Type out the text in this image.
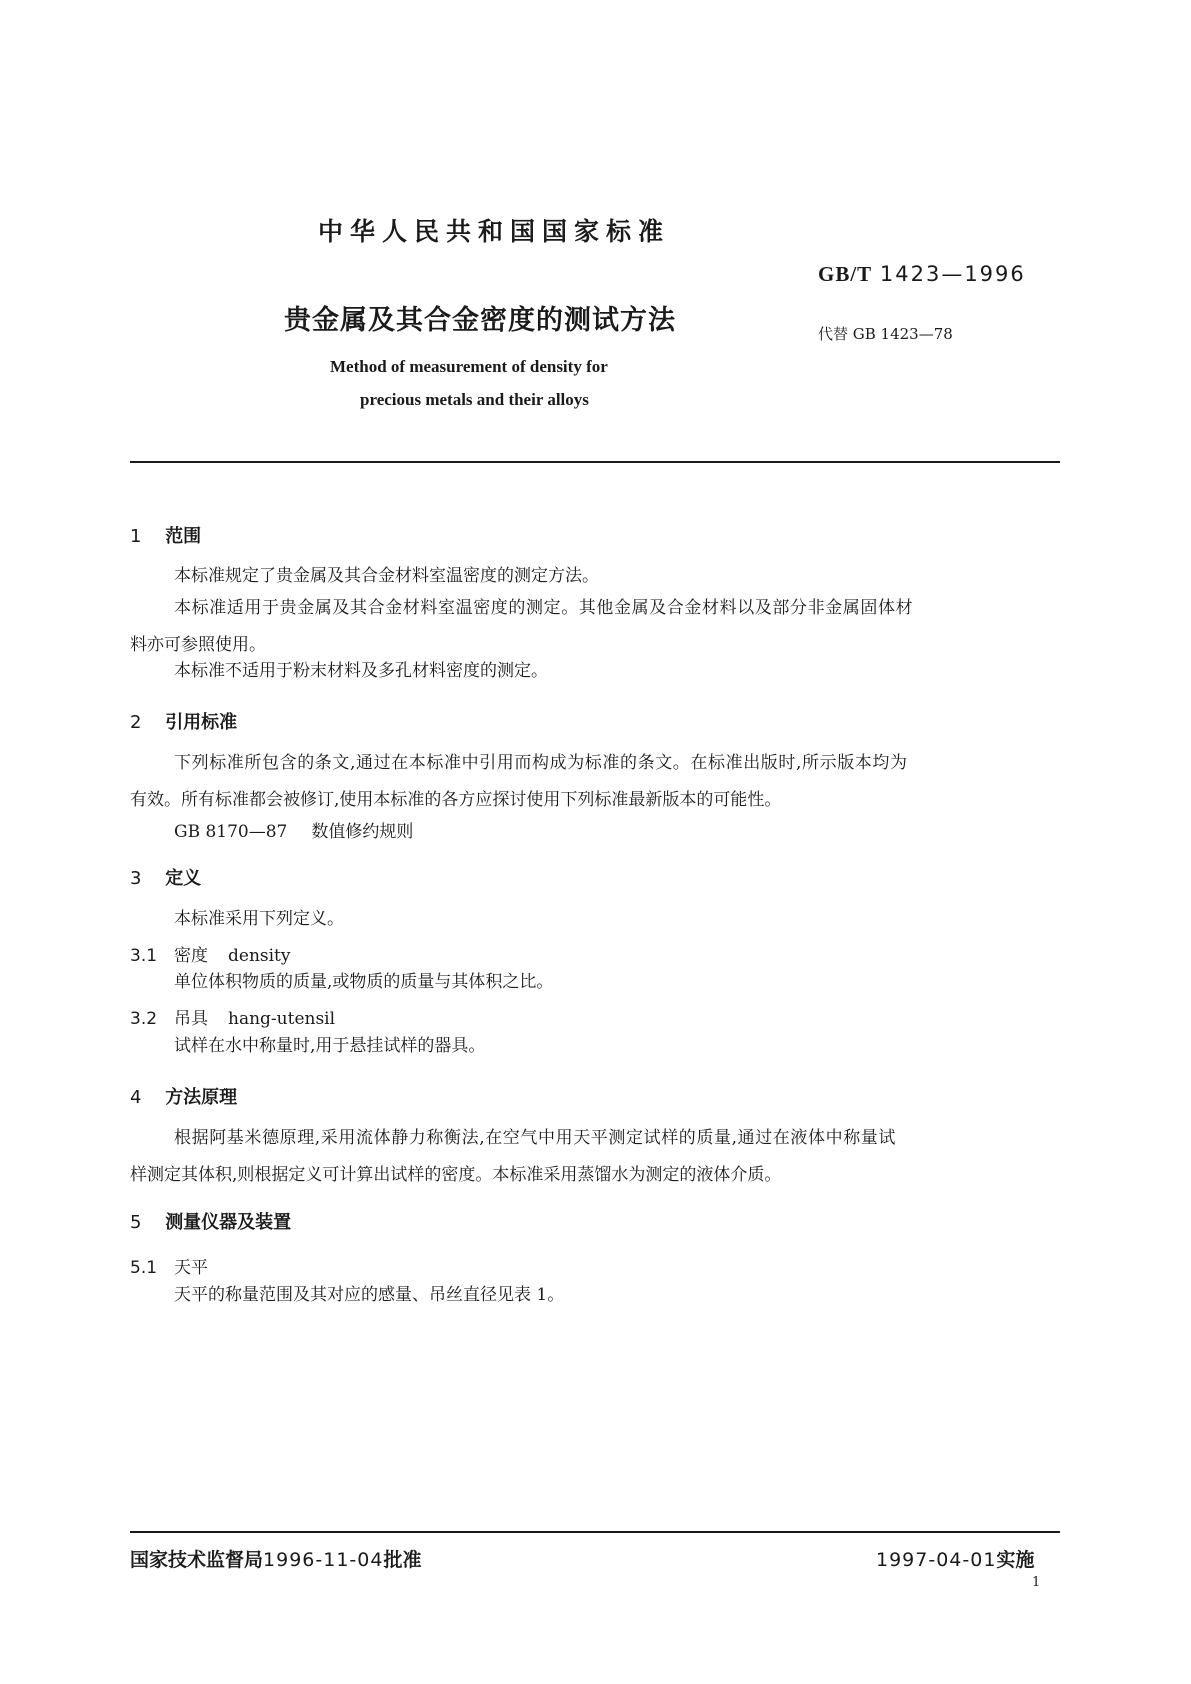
中华人民共和国国家标准
GB/T 1423—1996
贵金属及其合金密度的测试方法	代替 GB 1423—78
Method of measurement of density for
precious metals and their alloys
1 范围
本标准规定了贵金属及其合金材料室温密度的测定方法。
本标准适用于贵金属及其合金材料室温密度的测定。其他金属及合金材料以及部分非金属固体材
料亦可参照使用。
本标准不适用于粉末材料及多孔材料密度的测定。
2 引用标准
下列标准所包含的条文,通过在本标准中引用而构成为标准的条文。在标准出版时,所示版本均为
有效。所有标准都会被修订,使用本标准的各方应探讨使用下列标准最新版本的可能性。
GB 8170—87 数值修约规则
3 定义
本标准采用下列定义。
3.1 密度 density
单位体积物质的质量,或物质的质量与其体积之比。
3.2 吊具 hang-utensil
试样在水中称量时,用于悬挂试样的器具。
4 方法原理
根据阿基米德原理,采用流体静力称衡法,在空气中用天平测定试样的质量,通过在液体中称量试
样测定其体积,则根据定义可计算出试样的密度。本标准采用蒸馏水为测定的液体介质。
5 测量仪器及装置
5.1 天平
天平的称量范围及其对应的感量、吊丝直径见表 1。
国家技术监督局1996-11-04批准	1997-04-01实施
1
